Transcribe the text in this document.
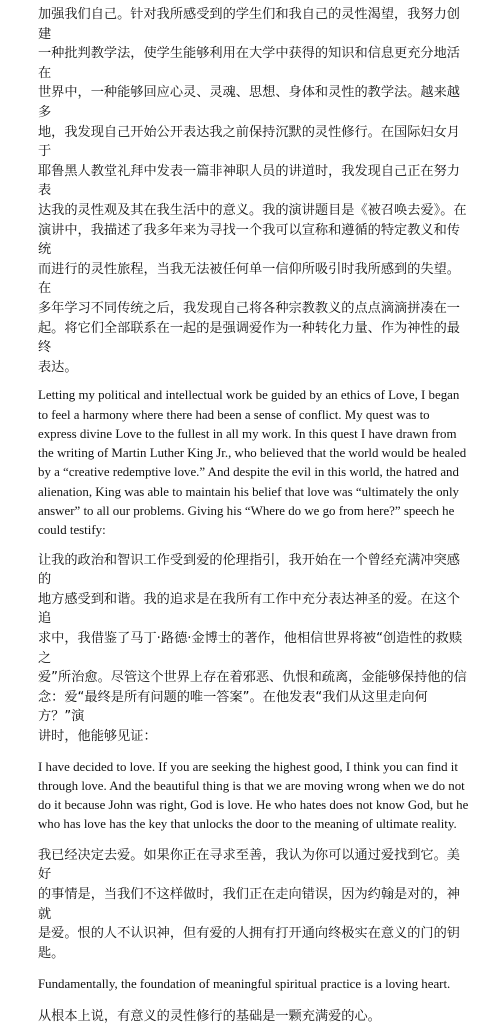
加强我们自己。针对我所感受到的学生们和我自己的灵性渴望，我努力创建
一种批判教学法，使学生能够利用在大学中获得的知识和信息更充分地活在
世界中，一种能够回应心灵、灵魂、思想、身体和灵性的教学法。越来越多
地，我发现自己开始公开表达我之前保持沉默的灵性修行。在国际妇女月于
耶鲁黑人教堂礼拜中发表一篇非神职人员的讲道时，我发现自己正在努力表
达我的灵性观及其在我生活中的意义。我的演讲题目是《被召唤去爱》。在
演讲中，我描述了我多年来为寻找一个我可以宣称和遵循的特定教义和传统
而进行的灵性旅程，当我无法被任何单一信仰所吸引时我所感到的失望。在
多年学习不同传统之后，我发现自己将各种宗教教义的点点滴滴拼凑在一
起。将它们全部联系在一起的是强调爱作为一种转化力量、作为神性的最终
表达。

Letting my political and intellectual work be guided by an ethics of Love, I began
to feel a harmony where there had been a sense of conflict. My quest was to
express divine Love to the fullest in all my work. In this quest I have drawn from
the writing of Martin Luther King Jr., who believed that the world would be healed
by a “creative redemptive love.” And despite the evil in this world, the hatred and
alienation, King was able to maintain his belief that love was “ultimately the only
answer” to all our problems. Giving his “Where do we go from here?” speech he
could testify:

让我的政治和智识工作受到爱的伦理指引，我开始在一个曾经充满冲突感的
地方感受到和谐。我的追求是在我所有工作中充分表达神圣的爱。在这个追
求中，我借鉴了马丁·路德·金博士的著作，他相信世界将被“创造性的救赎之
爱”所治愈。尽管这个世界上存在着邪恶、仇恨和疏离，金能够保持他的信
念：爱“最终是所有问题的唯一答案”。在他发表“我们从这里走向何方？”演
讲时，他能够见证：

I have decided to love. If you are seeking the highest good, I think you can find it
through love. And the beautiful thing is that we are moving wrong when we do not
do it because John was right, God is love. He who hates does not know God, but he
who has love has the key that unlocks the door to the meaning of ultimate reality.

我已经决定去爱。如果你正在寻求至善，我认为你可以通过爱找到它。美好
的事情是，当我们不这样做时，我们正在走向错误，因为约翰是对的，神就
是爱。恨的人不认识神，但有爱的人拥有打开通向终极实在意义的门的钥
匙。

Fundamentally, the foundation of meaningful spiritual practice is a loving heart.

从根本上说，有意义的灵性修行的基础是一颗充满爱的心。
